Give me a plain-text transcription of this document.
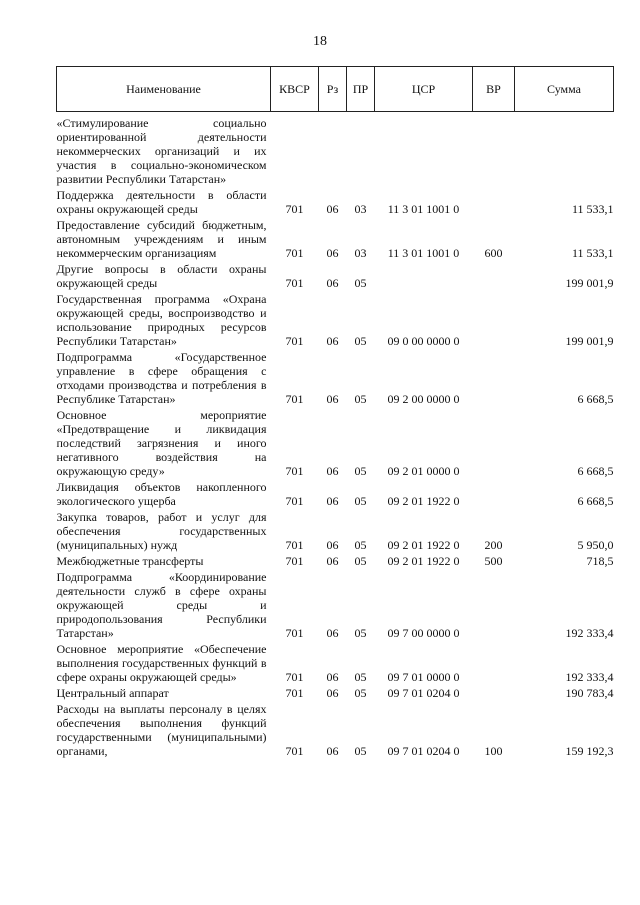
18
Наименование	КВСР	Рз	ПР	ЦСР	ВР	Сумма
«Стимулирование социально ориентированной деятельности некоммерческих организаций и их участия в социально-экономическом развитии Республики Татарстан»						
Поддержка деятельности в области охраны окружающей среды	701	06	03	11 3 01 1001 0		11 533,1
Предоставление субсидий бюджетным, автономным учреждениям и иным некоммерческим организациям	701	06	03	11 3 01 1001 0	600	11 533,1
Другие вопросы в области охраны окружающей среды	701	06	05			199 001,9
Государственная программа «Охрана окружающей среды, воспроизводство и использование природных ресурсов Республики Татарстан»	701	06	05	09 0 00 0000 0		199 001,9
Подпрограмма «Государственное управление в сфере обращения с отходами производства и потребления в Республике Татарстан»	701	06	05	09 2 00 0000 0		6 668,5
Основное мероприятие «Предотвращение и ликвидация последствий загрязнения и иного негативного воздействия на окружающую среду»	701	06	05	09 2 01 0000 0		6 668,5
Ликвидация объектов накопленного экологического ущерба	701	06	05	09 2 01 1922 0		6 668,5
Закупка товаров, работ и услуг для обеспечения государственных (муниципальных) нужд	701	06	05	09 2 01 1922 0	200	5 950,0
Межбюджетные трансферты	701	06	05	09 2 01 1922 0	500	718,5
Подпрограмма «Координирование деятельности служб в сфере охраны окружающей среды и природопользования Республики Татарстан»	701	06	05	09 7 00 0000 0		192 333,4
Основное мероприятие «Обеспечение выполнения государственных функций в сфере охраны окружающей среды»	701	06	05	09 7 01 0000 0		192 333,4
Центральный аппарат	701	06	05	09 7 01 0204 0		190 783,4
Расходы на выплаты персоналу в целях обеспечения выполнения функций государственными (муниципальными) органами,	701	06	05	09 7 01 0204 0	100	159 192,3
